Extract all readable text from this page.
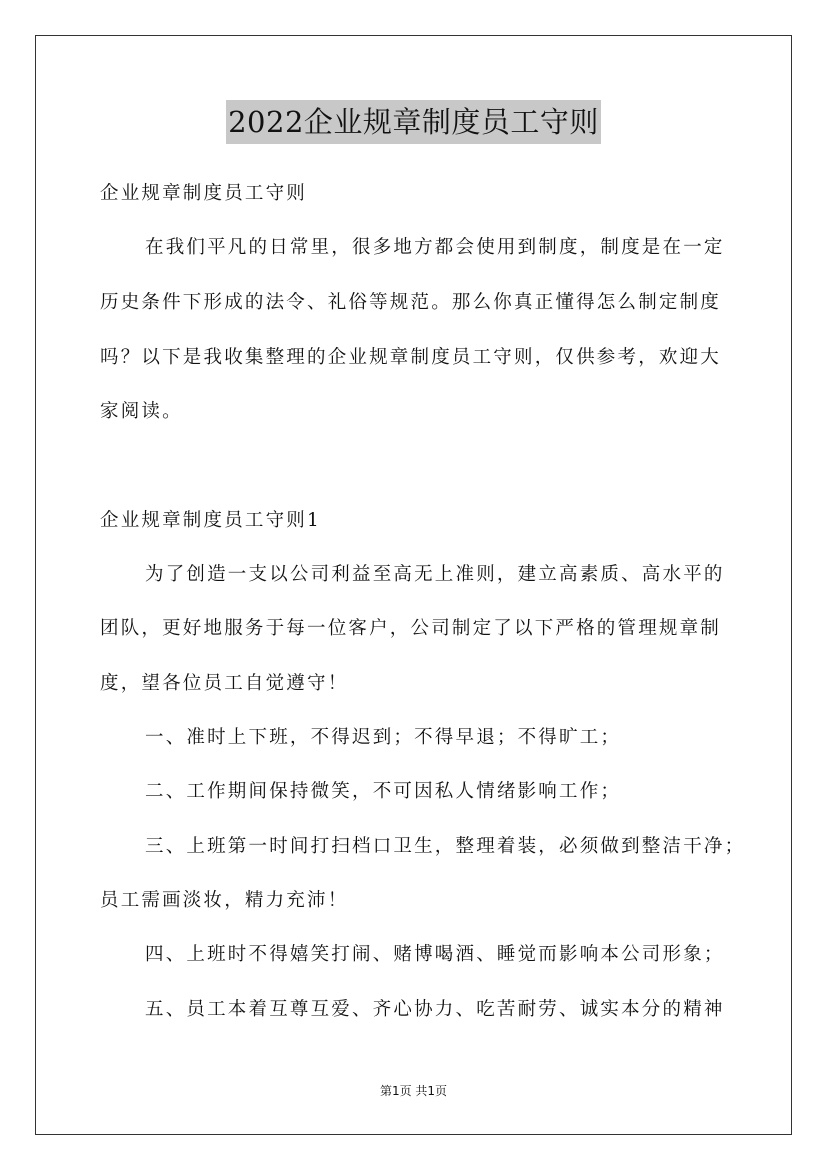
2022企业规章制度员工守则
企业规章制度员工守则
在我们平凡的日常里，很多地方都会使用到制度，制度是在一定
历史条件下形成的法令、礼俗等规范。那么你真正懂得怎么制定制度
吗？以下是我收集整理的企业规章制度员工守则，仅供参考，欢迎大
家阅读。
企业规章制度员工守则1
为了创造一支以公司利益至高无上准则，建立高素质、高水平的
团队，更好地服务于每一位客户，公司制定了以下严格的管理规章制
度，望各位员工自觉遵守！
一、准时上下班，不得迟到；不得早退；不得旷工；
二、工作期间保持微笑，不可因私人情绪影响工作；
三、上班第一时间打扫档口卫生，整理着装，必须做到整洁干净；
员工需画淡妆，精力充沛！
四、上班时不得嬉笑打闹、赌博喝酒、睡觉而影响本公司形象；
五、员工本着互尊互爱、齐心协力、吃苦耐劳、诚实本分的精神
第1页 共1页
